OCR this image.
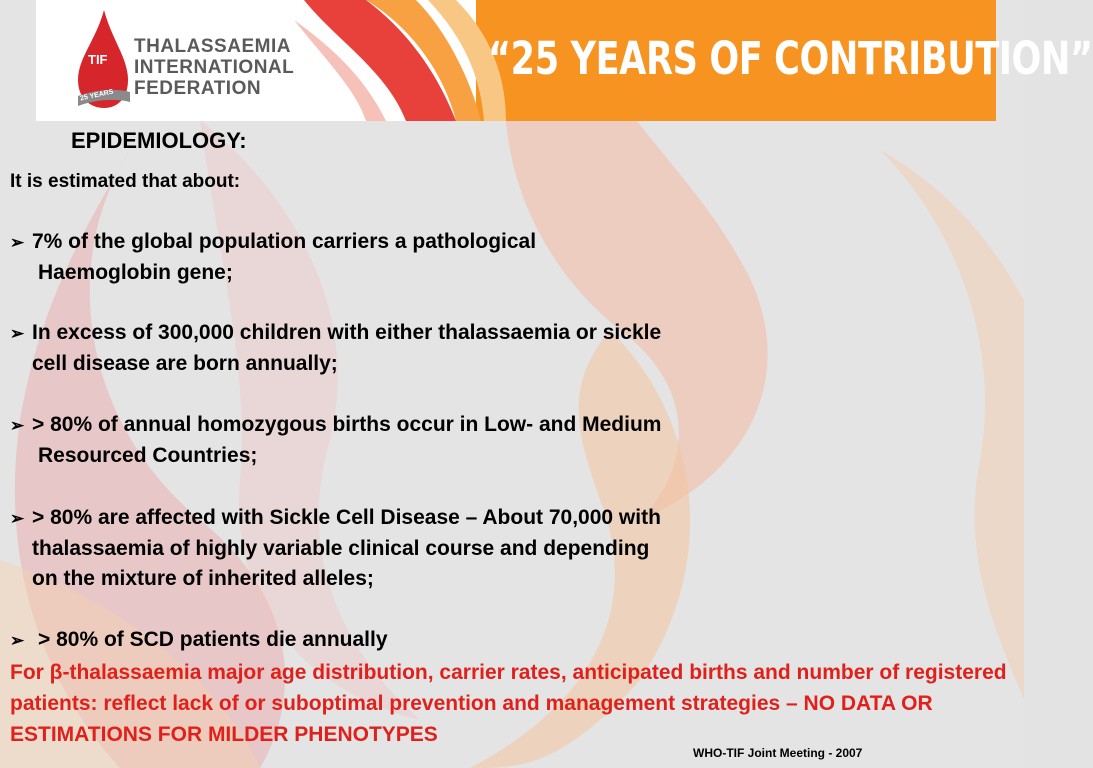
TIF
25 YEARS
THALASSAEMIA
INTERNATIONAL
FEDERATION
“25 YEARS OF CONTRIBUTION”
EPIDEMIOLOGY:
It is estimated that about:
➢ 7% of the global population carriers a pathological
Haemoglobin gene;
➢ In excess of 300,000 children with either thalassaemia or sickle
cell disease are born annually;
➢ > 80% of annual homozygous births occur in Low- and Medium
Resourced Countries;
➢ > 80% are affected with Sickle Cell Disease – About 70,000 with
thalassaemia of highly variable clinical course and depending
on the mixture of inherited alleles;
➢ > 80% of SCD patients die annually
For β-thalassaemia major age distribution, carrier rates, anticipated births and number of registered patients: reflect lack of or suboptimal prevention and management strategies – NO DATA OR ESTIMATIONS FOR MILDER PHENOTYPES
WHO-TIF Joint Meeting - 2007
